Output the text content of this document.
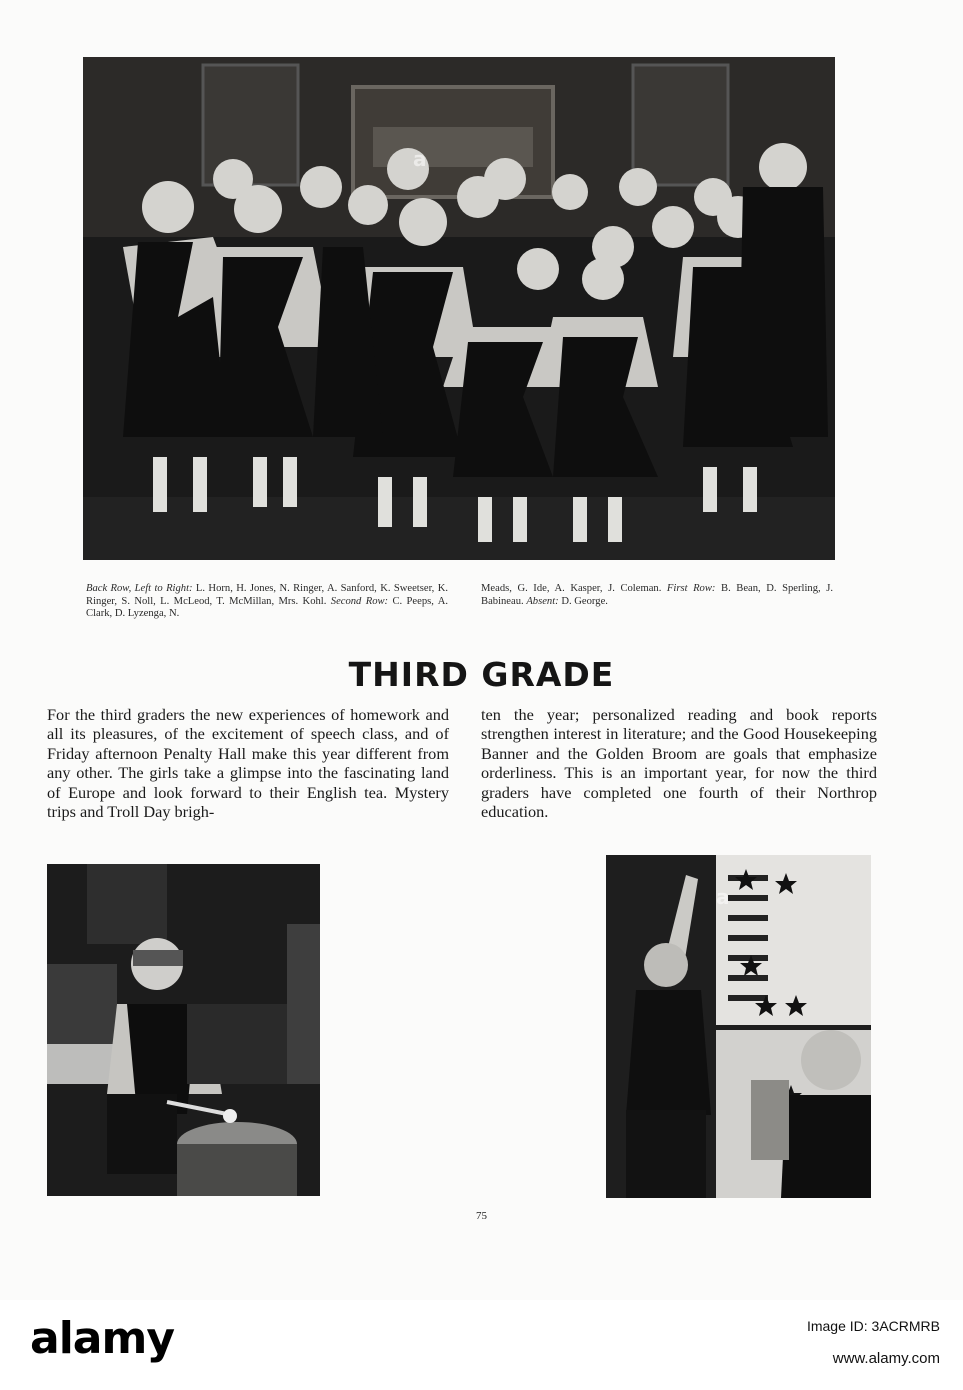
a
Back Row, Left to Right: L. Horn, H. Jones, N. Ringer, A. Sanford, K. Sweetser, K. Ringer, S. Noll, L. McLeod, T. McMillan, Mrs. Kohl. Second Row: C. Peeps, A. Clark, D. Lyzenga, N.
Meads, G. Ide, A. Kasper, J. Coleman. First Row: B. Bean, D. Sperling, J. Babineau. Absent: D. George.
THIRD GRADE
For the third graders the new experiences of homework and all its pleasures, of the excitement of speech class, and of Friday afternoon Penalty Hall make this year different from any other. The girls take a glimpse into the fascinating land of Europe and look forward to their English tea. Mystery trips and Troll Day brigh-
ten the year; personalized reading and book reports strengthen interest in literature; and the Good Housekeeping Banner and the Golden Broom are goals that emphasize orderliness. This is an important year, for now the third graders have completed one fourth of their Northrop education.
a
75
alamy	Image ID: 3ACRMRB
www.alamy.com
